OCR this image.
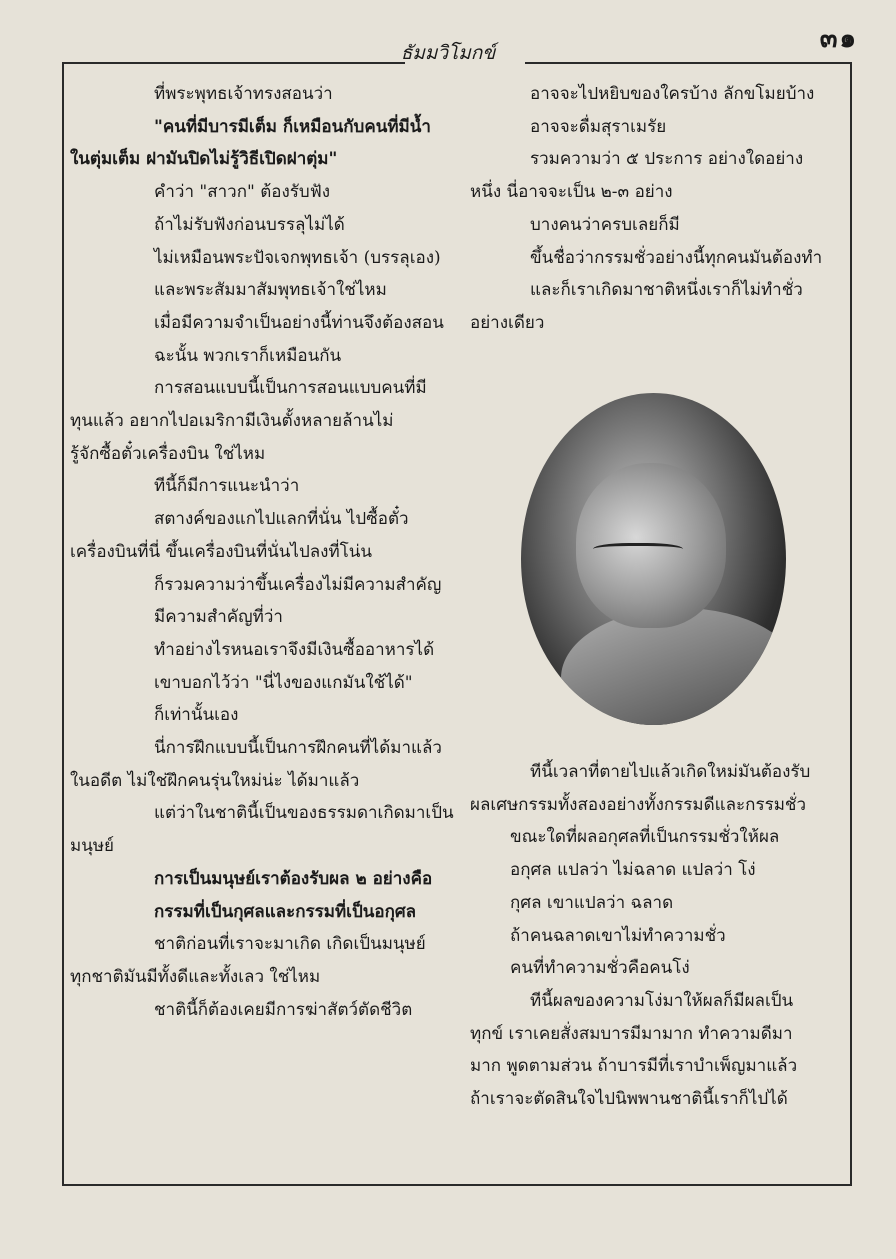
๓๑
ธัมมวิโมกข์
ที่พระพุทธเจ้าทรงสอนว่า
"คนที่มีบารมีเต็ม ก็เหมือนกับคนที่มีน้ำ
ในตุ่มเต็ม ฝามันปิดไม่รู้วิธีเปิดฝาตุ่ม"
คำว่า "สาวก" ต้องรับฟัง
ถ้าไม่รับฟังก่อนบรรลุไม่ได้
ไม่เหมือนพระปัจเจกพุทธเจ้า (บรรลุเอง)
และพระสัมมาสัมพุทธเจ้าใช่ไหม
เมื่อมีความจำเป็นอย่างนี้ท่านจึงต้องสอน
ฉะนั้น พวกเราก็เหมือนกัน
การสอนแบบนี้เป็นการสอนแบบคนที่มี
ทุนแล้ว อยากไปอเมริกามีเงินตั้งหลายล้านไม่
รู้จักซื้อตั๋วเครื่องบิน ใช่ไหม
ทีนี้ก็มีการแนะนำว่า
สตางค์ของแกไปแลกที่นั่น ไปซื้อตั๋ว
เครื่องบินที่นี่ ขึ้นเครื่องบินที่นั่นไปลงที่โน่น
ก็รวมความว่าขึ้นเครื่องไม่มีความสำคัญ
มีความสำคัญที่ว่า
ทำอย่างไรหนอเราจึงมีเงินซื้ออาหารได้
เขาบอกไว้ว่า "นี่ไงของแกมันใช้ได้"
ก็เท่านั้นเอง
นี่การฝึกแบบนี้เป็นการฝึกคนที่ได้มาแล้ว
ในอดีต ไม่ใช่ฝึกคนรุ่นใหม่น่ะ ได้มาแล้ว
แต่ว่าในชาตินี้เป็นของธรรมดาเกิดมาเป็น
มนุษย์
การเป็นมนุษย์เราต้องรับผล ๒ อย่างคือ
กรรมที่เป็นกุศลและกรรมที่เป็นอกุศล
ชาติก่อนที่เราจะมาเกิด เกิดเป็นมนุษย์
ทุกชาติมันมีทั้งดีและทั้งเลว ใช่ไหม
ชาตินี้ก็ต้องเคยมีการฆ่าสัตว์ตัดชีวิต
อาจจะไปหยิบของใครบ้าง ลักขโมยบ้าง
อาจจะดื่มสุราเมรัย
รวมความว่า ๕ ประการ อย่างใดอย่าง
หนึ่ง นี่อาจจะเป็น ๒-๓ อย่าง
บางคนว่าครบเลยก็มี
ขึ้นชื่อว่ากรรมชั่วอย่างนี้ทุกคนมันต้องทำ
และก็เราเกิดมาชาติหนึ่งเราก็ไม่ทำชั่ว
อย่างเดียว
ทีนี้เวลาที่ตายไปแล้วเกิดใหม่มันต้องรับ
ผลเศษกรรมทั้งสองอย่างทั้งกรรมดีและกรรมชั่ว
ขณะใดที่ผลอกุศลที่เป็นกรรมชั่วให้ผล
อกุศล แปลว่า ไม่ฉลาด แปลว่า โง่
กุศล เขาแปลว่า ฉลาด
ถ้าคนฉลาดเขาไม่ทำความชั่ว
คนที่ทำความชั่วคือคนโง่
ทีนี้ผลของความโง่มาให้ผลก็มีผลเป็น
ทุกข์ เราเคยสั่งสมบารมีมามาก ทำความดีมา
มาก พูดตามส่วน ถ้าบารมีที่เราบำเพ็ญมาแล้ว
ถ้าเราจะตัดสินใจไปนิพพานชาตินี้เราก็ไปได้
